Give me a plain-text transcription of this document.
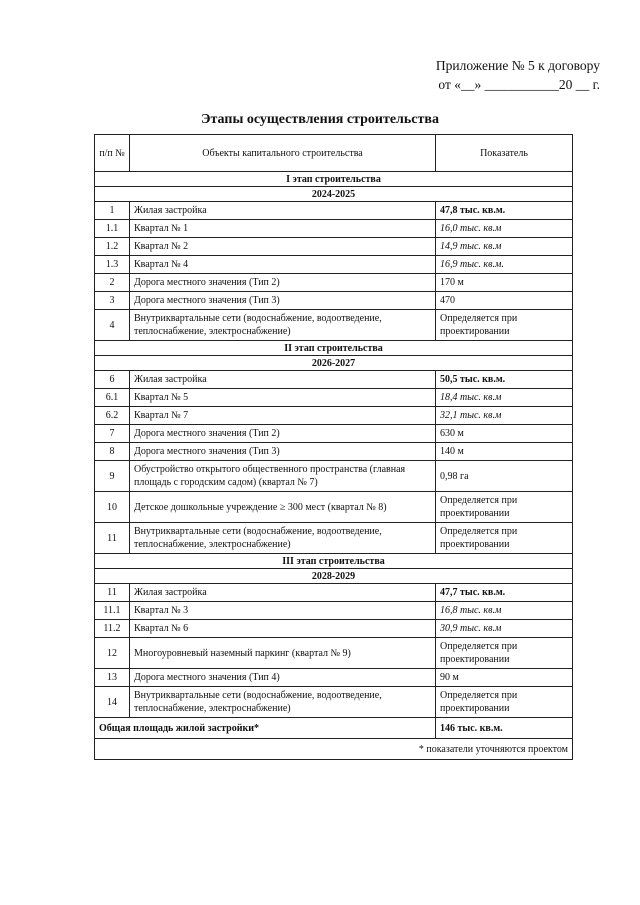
Приложение № 5 к договору
от «__» ___________20 __ г.
Этапы осуществления строительства
п/п №	Объекты капитального строительства	Показатель
I этап строительства		
2024-2025		
1	Жилая застройка	47,8 тыс. кв.м.
1.1	Квартал № 1	16,0 тыс. кв.м
1.2	Квартал № 2	14,9 тыс. кв.м
1.3	Квартал № 4	16,9 тыс. кв.м.
2	Дорога местного значения (Тип 2)	170 м
3	Дорога местного значения (Тип 3)	470
4	Внутриквартальные сети (водоснабжение, водоотведение, теплоснабжение, электроснабжение)	Определяется при проектировании
II этап строительства		
2026-2027		
6	Жилая застройка	50,5 тыс. кв.м.
6.1	Квартал № 5	18,4 тыс. кв.м
6.2	Квартал № 7	32,1 тыс. кв.м
7	Дорога местного значения (Тип 2)	630 м
8	Дорога местного значения (Тип 3)	140 м
9	Обустройство открытого общественного пространства (главная площадь с городским садом) (квартал № 7)	0,98 га
10	Детское дошкольные учреждение ≥ 300 мест (квартал № 8)	Определяется при проектировании
11	Внутриквартальные сети (водоснабжение, водоотведение, теплоснабжение, электроснабжение)	Определяется при проектировании
III этап строительства		
2028-2029		
11	Жилая застройка	47,7 тыс. кв.м.
11.1	Квартал № 3	16,8 тыс. кв.м
11.2	Квартал № 6	30,9 тыс. кв.м
12	Многоуровневый наземный паркинг (квартал № 9)	Определяется при проектировании
13	Дорога местного значения (Тип 4)	90 м
14	Внутриквартальные сети (водоснабжение, водоотведение, теплоснабжение, электроснабжение)	Определяется при проектировании
Общая площадь жилой застройки*		146 тыс. кв.м.
* показатели уточняются проектом		
